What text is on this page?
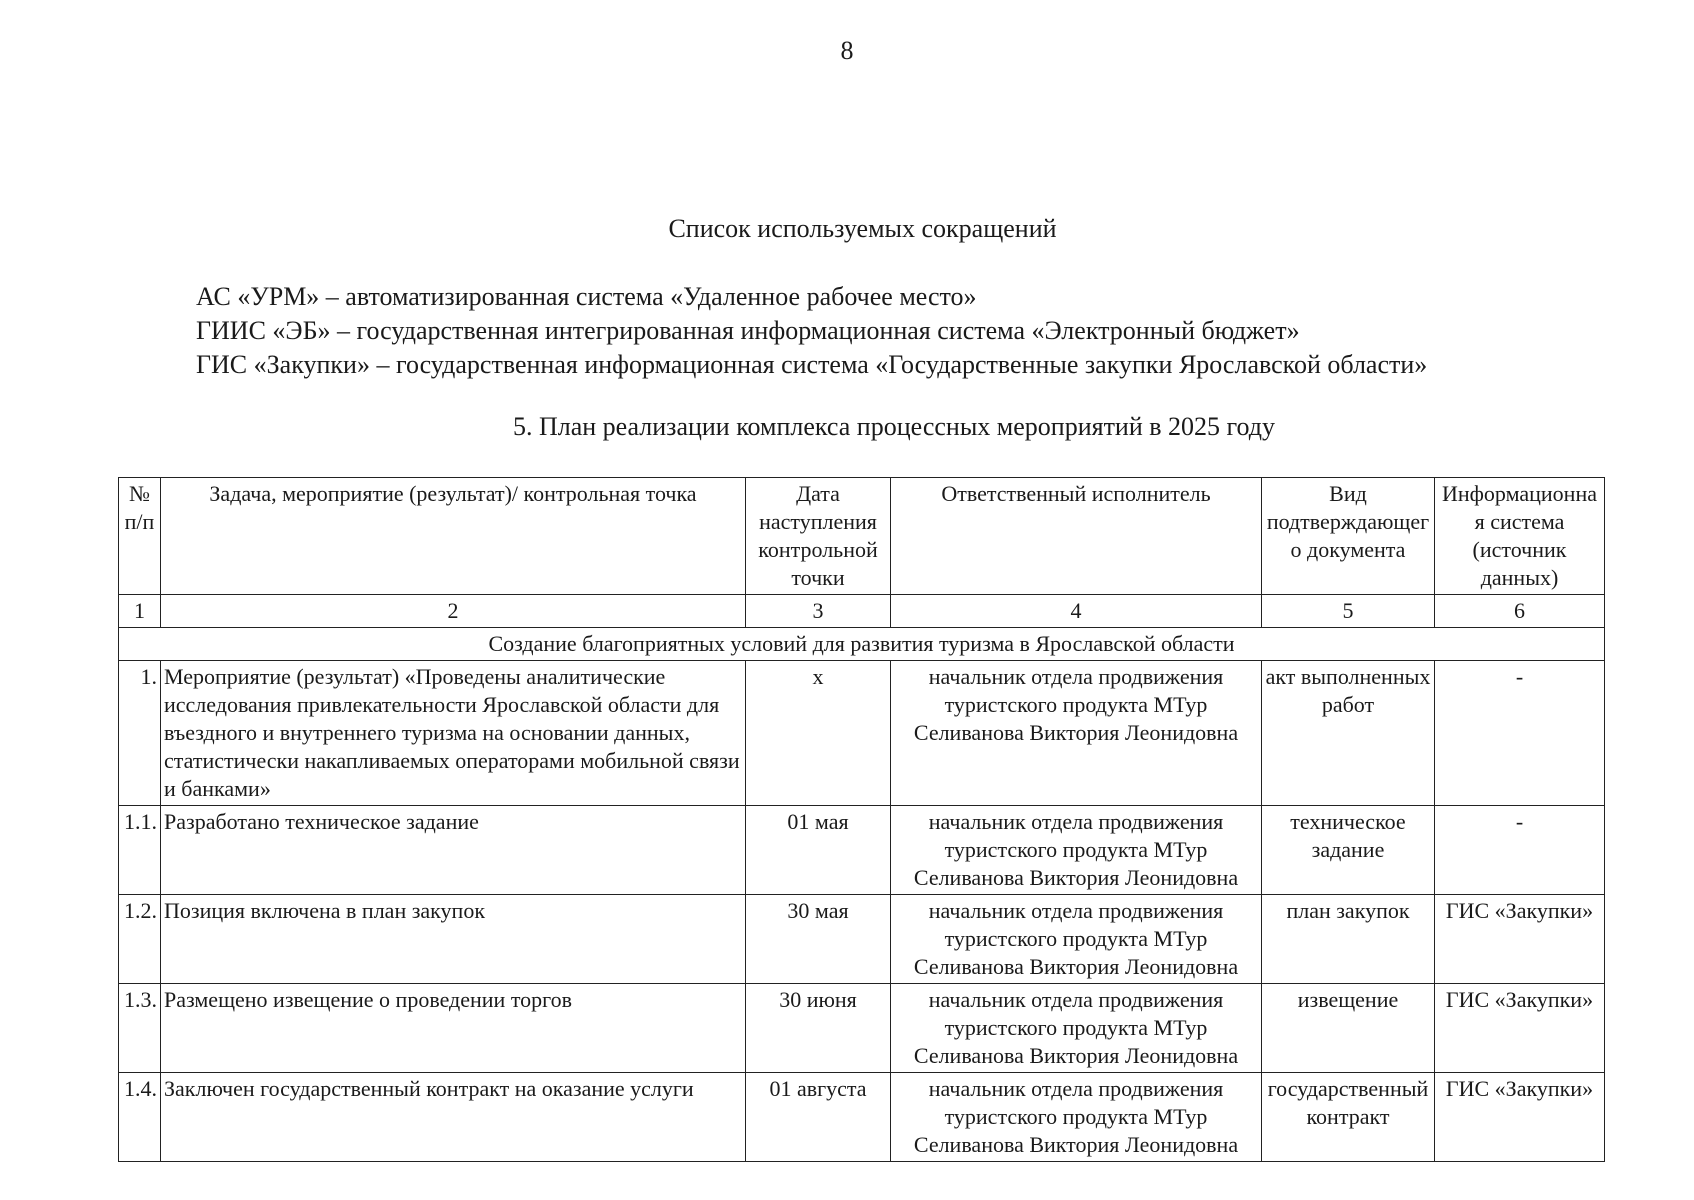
8
Список используемых сокращений
АС «УРМ» – автоматизированная система «Удаленное рабочее место»
ГИИС «ЭБ» – государственная интегрированная информационная система «Электронный бюджет»
ГИС «Закупки» – государственная информационная система «Государственные закупки Ярославской области»
5. План реализации комплекса процессных мероприятий в 2025 году
№ п/п	Задача, мероприятие (результат)/ контрольная точка	Дата наступления контрольной точки	Ответственный исполнитель	Вид подтверждающего документа	Информационная система (источник данных)
1	2	3	4	5	6
Создание благоприятных условий для развития туризма в Ярославской области					
1.	Мероприятие (результат) «Проведены аналитические исследования привлекательности Ярославской области для въездного и внутреннего туризма на основании данных, статистически накапливаемых операторами мобильной связи и банками»	х	начальник отдела продвижения туристского продукта МТур Селиванова Виктория Леонидовна	акт выполненных работ	-
1.1.	Разработано техническое задание	01 мая	начальник отдела продвижения туристского продукта МТур Селиванова Виктория Леонидовна	техническое задание	-
1.2.	Позиция включена в план закупок	30 мая	начальник отдела продвижения туристского продукта МТур Селиванова Виктория Леонидовна	план закупок	ГИС «Закупки»
1.3.	Размещено извещение о проведении торгов	30 июня	начальник отдела продвижения туристского продукта МТур Селиванова Виктория Леонидовна	извещение	ГИС «Закупки»
1.4.	Заключен государственный контракт на оказание услуги	01 августа	начальник отдела продвижения туристского продукта МТур Селиванова Виктория Леонидовна	государственный контракт	ГИС «Закупки»
